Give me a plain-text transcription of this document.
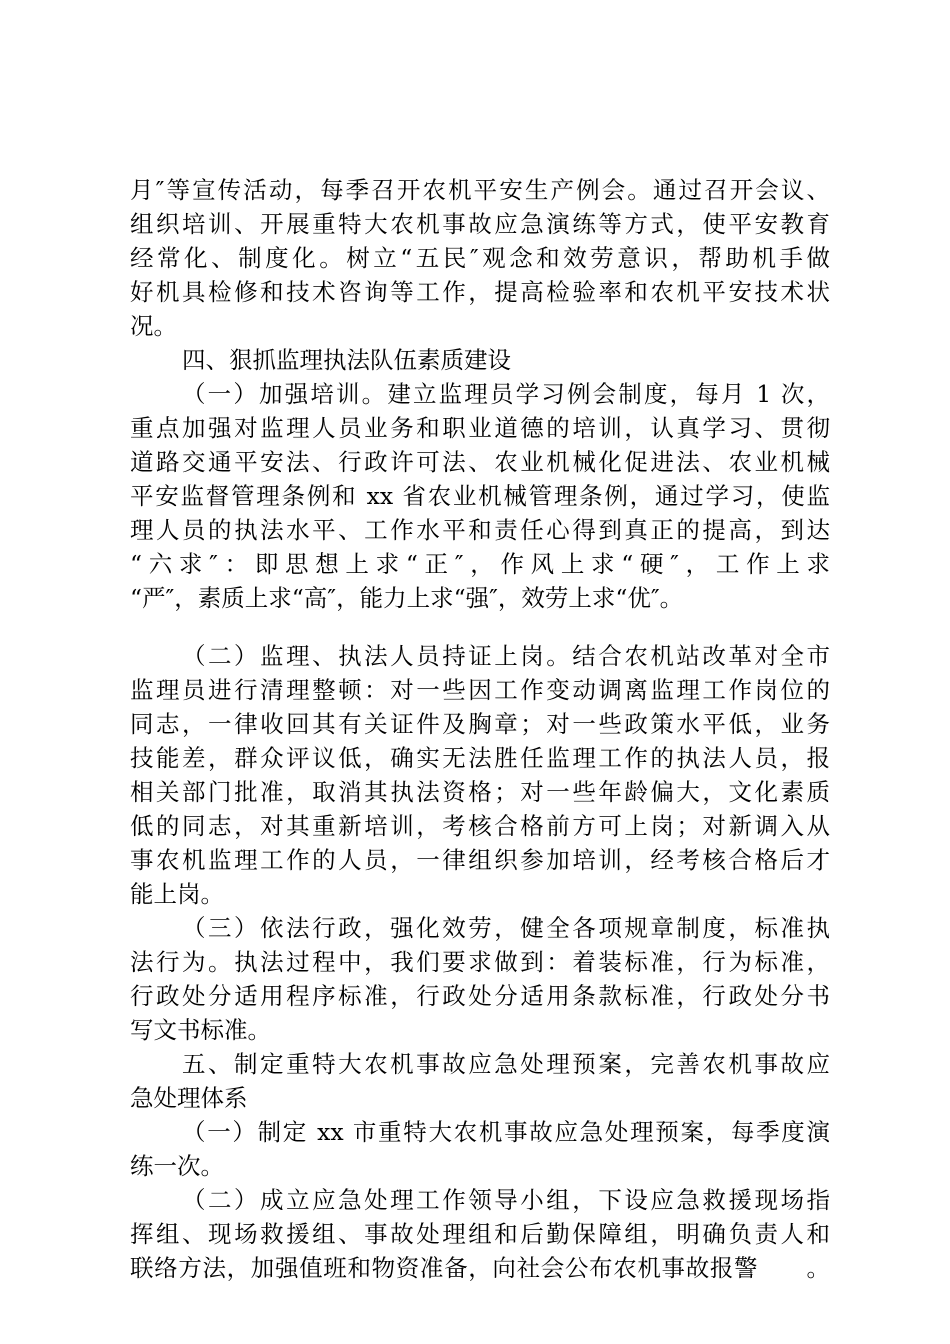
月″等宣传活动，每季召开农机平安生产例会。通过召开会议、
组织培训、开展重特大农机事故应急演练等方式，使平安教育
经常化、制度化。树立“五民″观念和效劳意识，帮助机手做
好机具检修和技术咨询等工作，提高检验率和农机平安技术状
况。
四、狠抓监理执法队伍素质建设
（一）加强培训。建立监理员学习例会制度，每月 1 次，
重点加强对监理人员业务和职业道德的培训，认真学习、贯彻
道路交通平安法、行政许可法、农业机械化促进法、农业机械
平安监督管理条例和 xx 省农业机械管理条例，通过学习，使监
理人员的执法水平、工作水平和责任心得到真正的提高，到达
“六求″：即思想上求“正″，作风上求“硬″，工作上求
“严″，素质上求“高″，能力上求“强″，效劳上求“优″。
（二）监理、执法人员持证上岗。结合农机站改革对全市
监理员进行清理整顿：对一些因工作变动调离监理工作岗位的
同志，一律收回其有关证件及胸章；对一些政策水平低，业务
技能差，群众评议低，确实无法胜任监理工作的执法人员，报
相关部门批准，取消其执法资格；对一些年龄偏大，文化素质
低的同志，对其重新培训，考核合格前方可上岗；对新调入从
事农机监理工作的人员，一律组织参加培训，经考核合格后才
能上岗。
（三）依法行政，强化效劳，健全各项规章制度，标准执
法行为。执法过程中，我们要求做到：着装标准，行为标准，
行政处分适用程序标准，行政处分适用条款标准，行政处分书
写文书标准。
五、制定重特大农机事故应急处理预案，完善农机事故应
急处理体系
（一）制定 xx 市重特大农机事故应急处理预案，每季度演
练一次。
（二）成立应急处理工作领导小组，下设应急救援现场指
挥组、现场救援组、事故处理组和后勤保障组，明确负责人和
联络方法，加强值班和物资准备，向社会公布农机事故报警　　。
